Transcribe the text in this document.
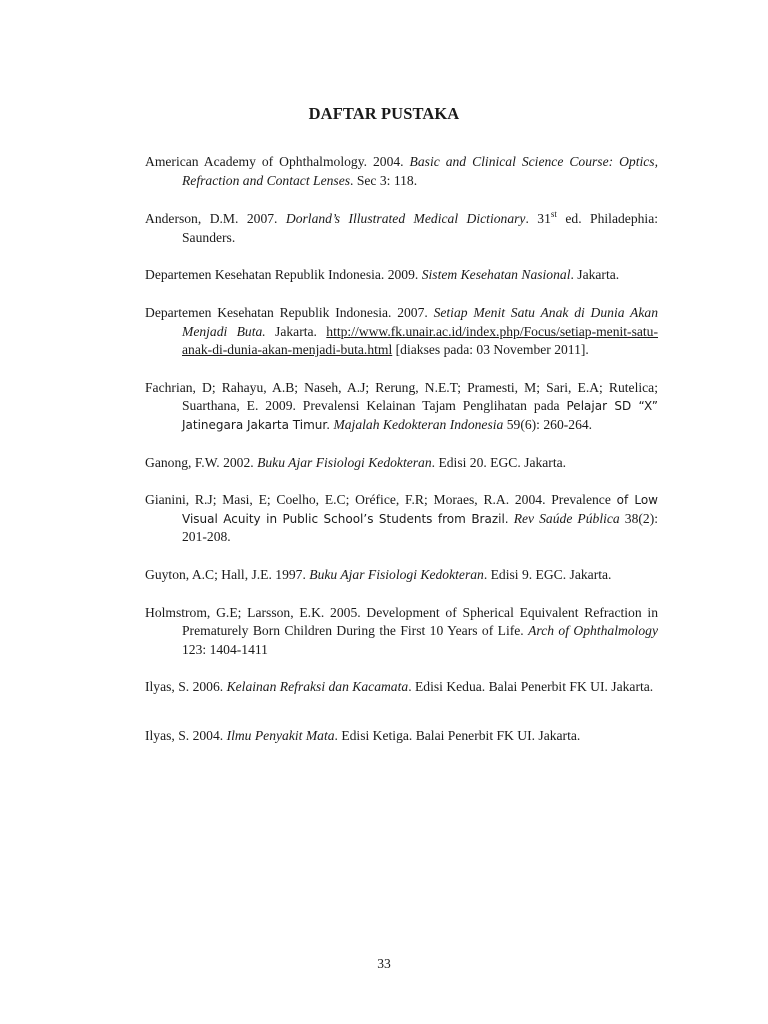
DAFTAR PUSTAKA

American Academy of Ophthalmology. 2004. Basic and Clinical Science Course: Optics, Refraction and Contact Lenses. Sec 3: 118.

Anderson, D.M. 2007. Dorland’s Illustrated Medical Dictionary. 31st ed. Philadephia: Saunders.

Departemen Kesehatan Republik Indonesia. 2009. Sistem Kesehatan Nasional. Jakarta.

Departemen Kesehatan Republik Indonesia. 2007. Setiap Menit Satu Anak di Dunia Akan Menjadi Buta. Jakarta. http://www.fk.unair.ac.id/index.php/Focus/setiap-menit-satu-anak-di-dunia-akan-menjadi-buta.html [diakses pada: 03 November 2011].

Fachrian, D; Rahayu, A.B; Naseh, A.J; Rerung, N.E.T; Pramesti, M; Sari, E.A; Rutelica; Suarthana, E. 2009. Prevalensi Kelainan Tajam Penglihatan pada Pelajar SD “X” Jatinegara Jakarta Timur. Majalah Kedokteran Indonesia 59(6): 260-264.

Ganong, F.W. 2002. Buku Ajar Fisiologi Kedokteran. Edisi 20. EGC. Jakarta.

Gianini, R.J; Masi, E; Coelho, E.C; Oréfice, F.R; Moraes, R.A. 2004. Prevalence of Low Visual Acuity in Public School’s Students from Brazil. Rev Saúde Pública 38(2): 201-208.

Guyton, A.C; Hall, J.E. 1997. Buku Ajar Fisiologi Kedokteran. Edisi 9. EGC. Jakarta.

Holmstrom, G.E; Larsson, E.K. 2005. Development of Spherical Equivalent Refraction in Prematurely Born Children During the First 10 Years of Life. Arch of Ophthalmology 123: 1404-1411

Ilyas, S. 2006. Kelainan Refraksi dan Kacamata. Edisi Kedua. Balai Penerbit FK UI. Jakarta.

Ilyas, S. 2004. Ilmu Penyakit Mata. Edisi Ketiga. Balai Penerbit FK UI. Jakarta.

33
